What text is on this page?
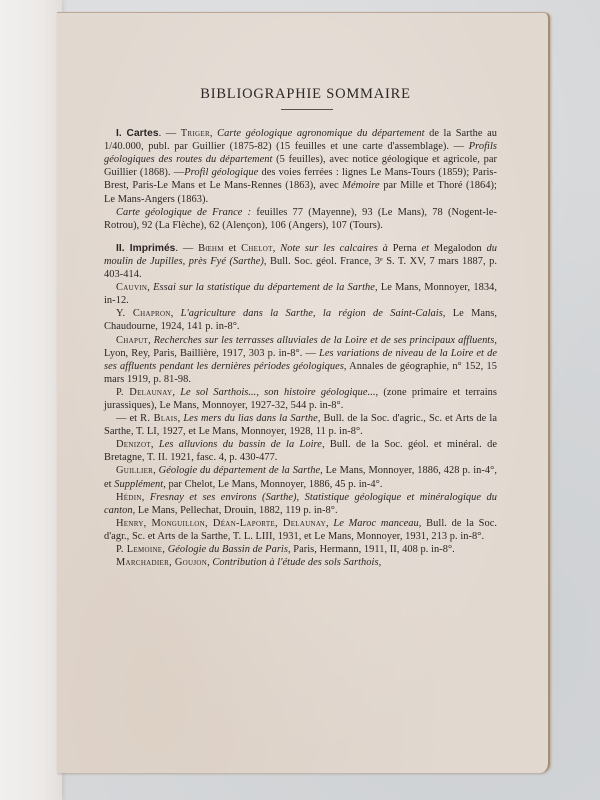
BIBLIOGRAPHIE SOMMAIRE

I. Cartes. — Triger, Carte géologique agronomique du département de la Sarthe au 1/40.000, publ. par Guillier (1875-82) (15 feuilles et une carte d'assemblage). — Profils géologiques des routes du département (5 feuilles), avec notice géologique et agricole, par Guillier (1868). —Profil géologique des voies ferrées : lignes Le Mans-Tours (1859); Paris-Brest, Paris-Le Mans et Le Mans-Rennes (1863), avec Mémoire par Mille et Thoré (1864); Le Mans-Angers (1863).

Carte géologique de France : feuilles 77 (Mayenne), 93 (Le Mans), 78 (Nogent-le-Rotrou), 92 (La Flèche), 62 (Alençon), 106 (Angers), 107 (Tours).

II. Imprimés. — Bœhm et Chelot, Note sur les calcaires à Perna et Megalodon du moulin de Jupilles, près Fyé (Sarthe), Bull. Soc. géol. France, 3ᵉ S. T. XV, 7 mars 1887, p. 403-414.

Cauvin, Essai sur la statistique du département de la Sarthe, Le Mans, Monnoyer, 1834, in-12.

Y. Chapron, L'agriculture dans la Sarthe, la région de Saint-Calais, Le Mans, Chaudourne, 1924, 141 p. in-8°.

Chaput, Recherches sur les terrasses alluviales de la Loire et de ses principaux affluents, Lyon, Rey, Paris, Baillière, 1917, 303 p. in-8°. — Les variations de niveau de la Loire et de ses affluents pendant les dernières périodes géologiques, Annales de géographie, n° 152, 15 mars 1919, p. 81-98.

P. Delaunay, Le sol Sarthois..., son histoire géologique..., (zone primaire et terrains jurassiques), Le Mans, Monnoyer, 1927-32, 544 p. in-8°.

— et R. Blais, Les mers du lias dans la Sarthe, Bull. de la Soc. d'agric., Sc. et Arts de la Sarthe, T. LI, 1927, et Le Mans, Monnoyer, 1928, 11 p. in-8°.

Denizot, Les alluvions du bassin de la Loire, Bull. de la Soc. géol. et minéral. de Bretagne, T. II. 1921, fasc. 4, p. 430-477.

Guillier, Géologie du département de la Sarthe, Le Mans, Monnoyer, 1886, 428 p. in-4°, et Supplément, par Chelot, Le Mans, Monnoyer, 1886, 45 p. in-4°.

Hédin, Fresnay et ses environs (Sarthe), Statistique géologique et minéralogique du canton, Le Mans, Pellechat, Drouin, 1882, 119 p. in-8°.

Henry, Monguillon, Déan-Laporte, Delaunay, Le Maroc manceau, Bull. de la Soc. d'agr., Sc. et Arts de la Sarthe, T. L. LIII, 1931, et Le Mans, Monnoyer, 1931, 213 p. in-8°.

P. Lemoine, Géologie du Bassin de Paris, Paris, Hermann, 1911, II, 408 p. in-8°.

Marchadier, Goujon, Contribution à l'étude des sols Sarthois,
